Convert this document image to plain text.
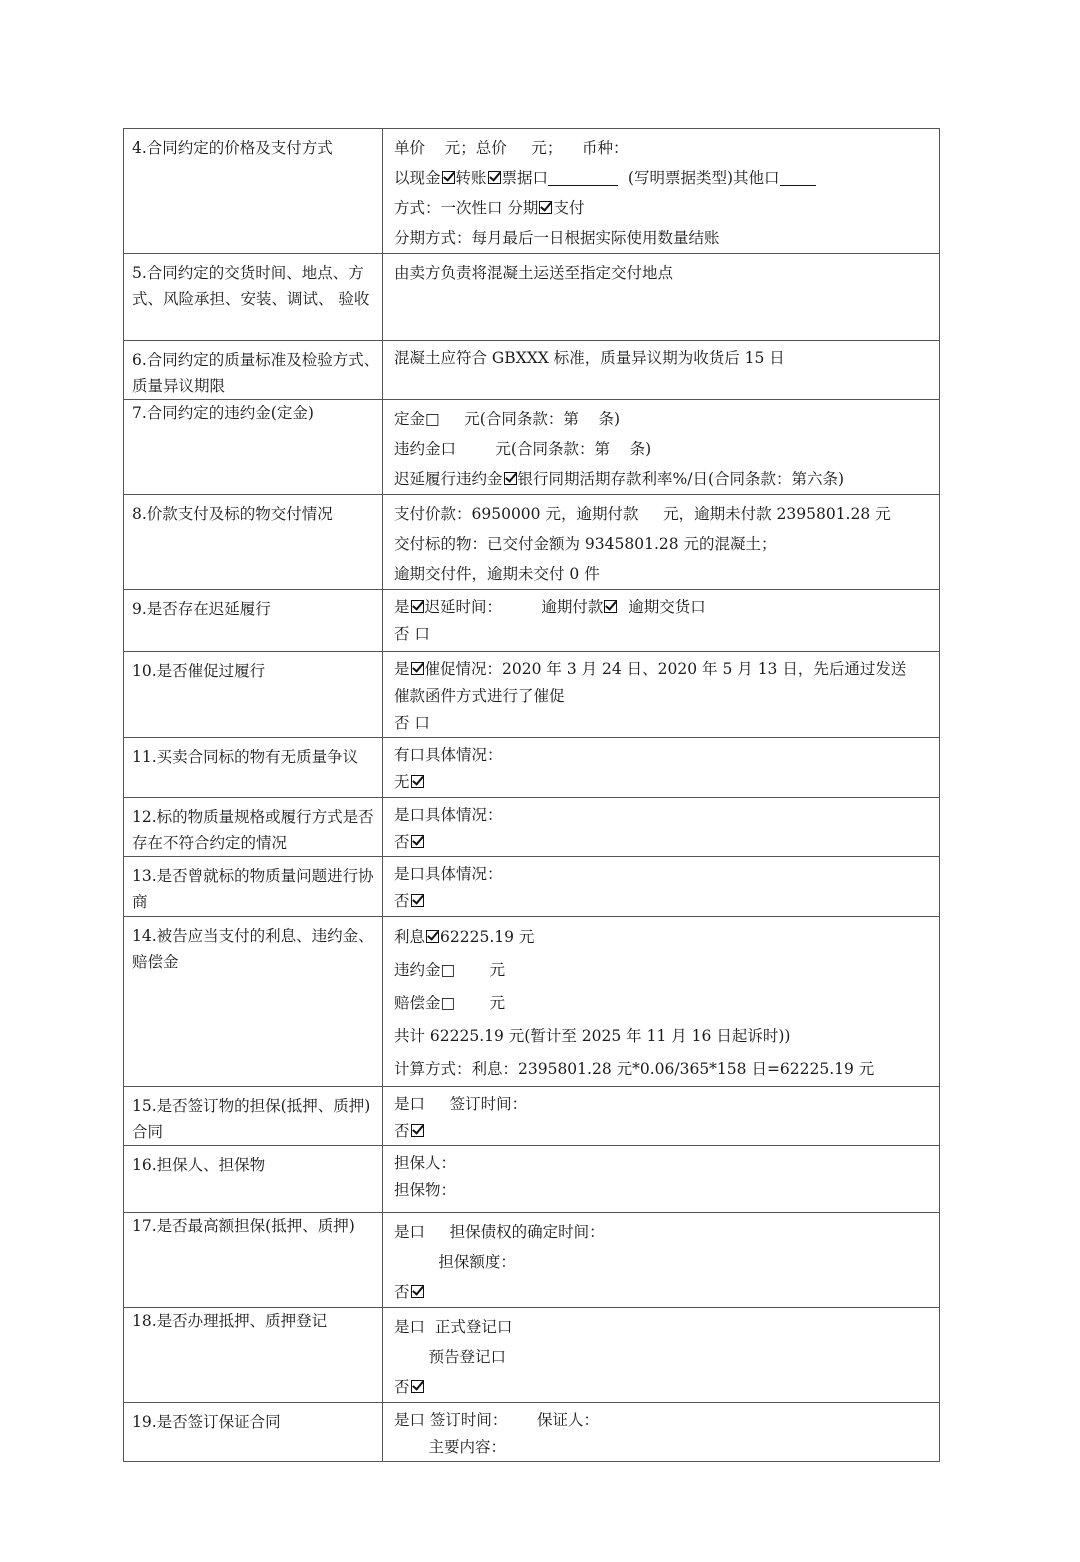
4.合同约定的价格及支付方式	单价    元；总价     元；    币种：
以现金 转账 票据口 (写明票据类型)其他口
方式：一次性口 分期 支付
分期方式：每月最后一日根据实际使用数量结账

5.合同约定的交货时间、地点、方式、风险承担、安装、调试、 验收	由卖方负责将混凝土运送至指定交付地点

6.合同约定的质量标准及检验方式、质量异议期限	混凝土应符合 GBXXX 标准，质量异议期为收货后 15 日

7.合同约定的违约金(定金)	定金□     元(合同条款：第    条)
违约金口        元(合同条款：第    条)
迟延履行违约金 银行同期活期存款利率%/日(合同条款：第六条)

8.价款支付及标的物交付情况	支付价款：6950000 元，逾期付款     元，逾期未付款 2395801.28 元
交付标的物：已交付金额为 9345801.28 元的混凝土；
逾期交付件，逾期未交付 0 件

9.是否存在迟延履行	是 迟延时间：        逾期付款  逾期交货口
否 口

10.是否催促过履行	是 催促情况：2020 年 3 月 24 日、2020 年 5 月 13 日，先后通过发送
催款函件方式进行了催促
否 口

11.买卖合同标的物有无质量争议	有口具体情况：
无

12.标的物质量规格或履行方式是否存在不符合约定的情况	是口具体情况：
否

13.是否曾就标的物质量问题进行协商	是口具体情况：
否

14.被告应当支付的利息、违约金、赔偿金	利息 62225.19 元
违约金□       元
赔偿金□       元
共计 62225.19 元(暂计至 2025 年 11 月 16 日起诉时))
计算方式：利息：2395801.28 元*0.06/365*158 日=62225.19 元

15.是否签订物的担保(抵押、质押)合同	是口     签订时间：
否

16.担保人、担保物	担保人：
担保物：

17.是否最高额担保(抵押、质押)	是口     担保债权的确定时间：
担保额度：
否

18.是否办理抵押、质押登记	是口  正式登记口
预告登记口
否

19.是否签订保证合同	是口 签订时间：      保证人：
主要内容：
